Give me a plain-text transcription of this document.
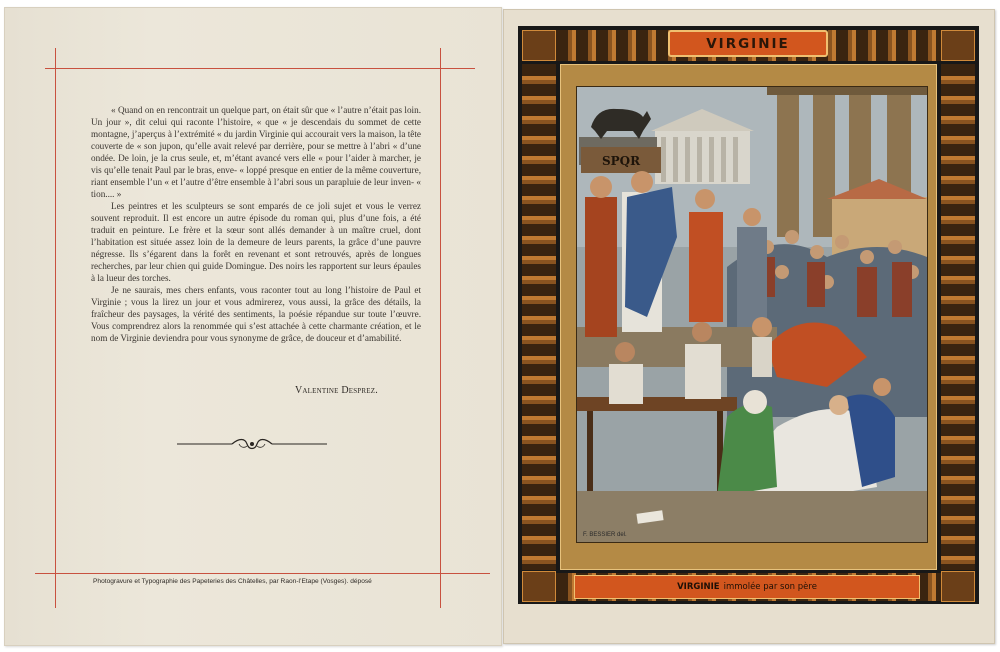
« Quand on en rencontrait un quelque part, on était sûr que « l’autre n’était pas loin. Un jour », dit celui qui raconte l’histoire, « que « je descendais du sommet de cette montagne, j’aperçus à l’extrémité « du jardin Virginie qui accourait vers la maison, la tête couverte de « son jupon, qu’elle avait relevé par derrière, pour se mettre à l’abri « d’une ondée. De loin, je la crus seule, et, m’étant avancé vers elle « pour l’aider à marcher, je vis qu’elle tenait Paul par le bras, enve- « loppé presque en entier de la même couverture, riant ensemble l’un « et l’autre d’être ensemble à l’abri sous un parapluie de leur inven- « tion.... »

Les peintres et les sculpteurs se sont emparés de ce joli sujet et vous le verrez souvent reproduit. Il est encore un autre épisode du roman qui, plus d’une fois, a été traduit en peinture. Le frère et la sœur sont allés demander à un maître cruel, dont l’habitation est située assez loin de la demeure de leurs parents, la grâce d’une pauvre négresse. Ils s’égarent dans la forêt en revenant et sont retrouvés, après de longues recherches, par leur chien qui guide Domingue. Des noirs les rapportent sur leurs épaules à la lueur des torches.

Je ne saurais, mes chers enfants, vous raconter tout au long l’histoire de Paul et Virginie ; vous la lirez un jour et vous admirerez, vous aussi, la grâce des détails, la fraîcheur des paysages, la vérité des sentiments, la poésie répandue sur toute l’œuvre. Vous comprendrez alors la renommée qui s’est attachée à cette charmante création, et le nom de Virginie deviendra pour vous synonyme de grâce, de douceur et d’amabilité.

Valentine Desprez.
Photogravure et Typographie des Papeteries des Châtelles, par Raon-l’Etape (Vosges). déposé
VIRGINIE
SPQR
F. BESSIER del.
VIRGINIE immolée par son père
